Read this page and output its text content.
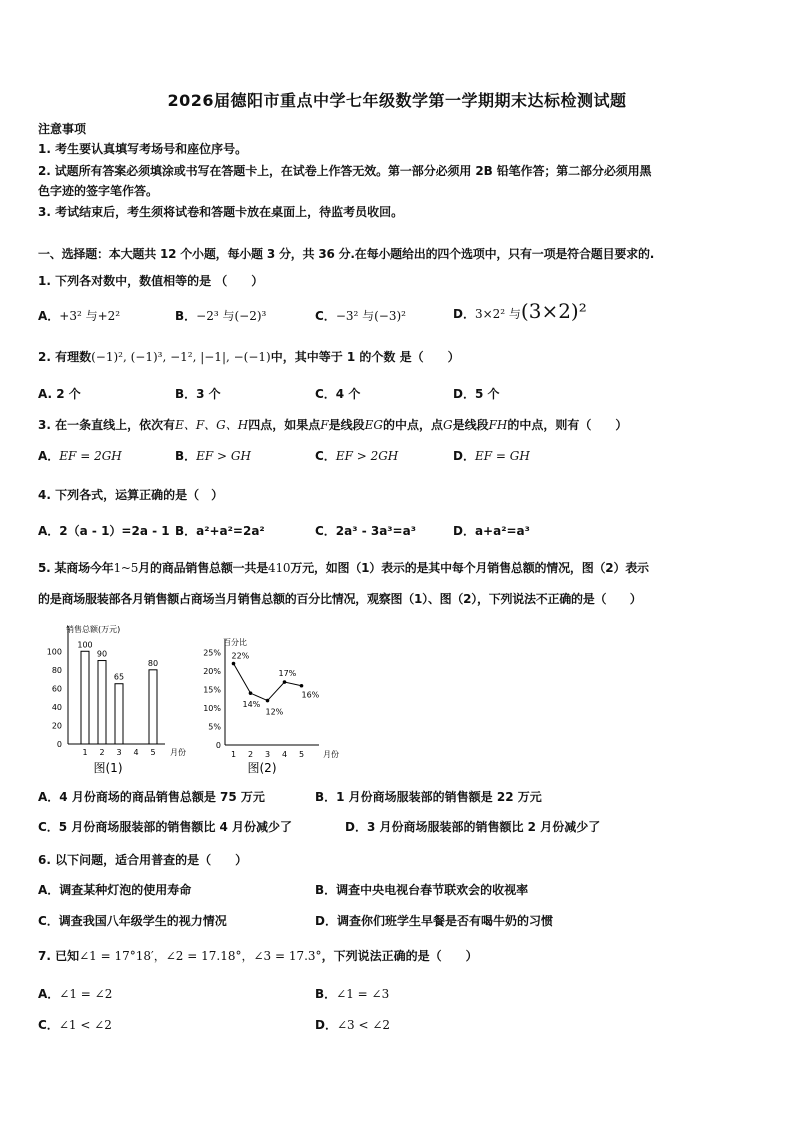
2026届德阳市重点中学七年级数学第一学期期末达标检测试题
注意事项
1. 考生要认真填写考场号和座位序号。
2. 试题所有答案必须填涂或书写在答题卡上，在试卷上作答无效。第一部分必须用 2B 铅笔作答；第二部分必须用黑
色字迹的签字笔作答。
3. 考试结束后，考生须将试卷和答题卡放在桌面上，待监考员收回。
一、选择题：本大题共 12 个小题，每小题 3 分，共 36 分.在每小题给出的四个选项中，只有一项是符合题目要求的.
1. 下列各对数中，数值相等的是 （　　）
A．+3² 与+2²	B．−2³ 与(−2)³	C．−3² 与(−3)²	D．3×2² 与(3×2)²
2. 有理数(−1)², (−1)³, −1², |−1|, −(−1)中，其中等于 1 的个数 是（　　）
A. 2 个	B．3 个	C．4 个	D．5 个
3. 在一条直线上，依次有E、F、G、H四点，如果点F是线段EG的中点，点G是线段FH的中点，则有（　　）
A．EF = 2GH	B．EF > GH	C．EF > 2GH	D．EF = GH
4. 下列各式，运算正确的是（　）
A．2（a - 1）=2a - 1 B．a²+a²=2a²	C．2a³ - 3a³=a³	D．a+a²=a³
5. 某商场今年1~5月的商品销售总额一共是410万元，如图（1）表示的是其中每个月销售总额的情况，图（2）表示
的是商场服装部各月销售额占商场当月销售总额的百分比情况，观察图（1）、图（2），下列说法不正确的是（　　）
销售总额(万元)
0
20
40
60
80
100
1 2 3 4 5 月份
100
90
65
80
图(1)
百分比
0
5%
10%
15%
20%
25%
1 2 3 4 5 月份
22%
14%
12%
17%
16%
图(2)
A．4 月份商场的商品销售总额是 75 万元	B．1 月份商场服装部的销售额是 22 万元
C．5 月份商场服装部的销售额比 4 月份减少了	D．3 月份商场服装部的销售额比 2 月份减少了
6. 以下问题，适合用普查的是（　　）
A．调查某种灯泡的使用寿命	B．调查中央电视台春节联欢会的收视率
C．调查我国八年级学生的视力情况	D．调查你们班学生早餐是否有喝牛奶的习惯
7. 已知∠1 = 17°18′，∠2 = 17.18°，∠3 = 17.3°，下列说法正确的是（　　）
A．∠1 = ∠2	B．∠1 = ∠3
C．∠1 < ∠2	D．∠3 < ∠2
